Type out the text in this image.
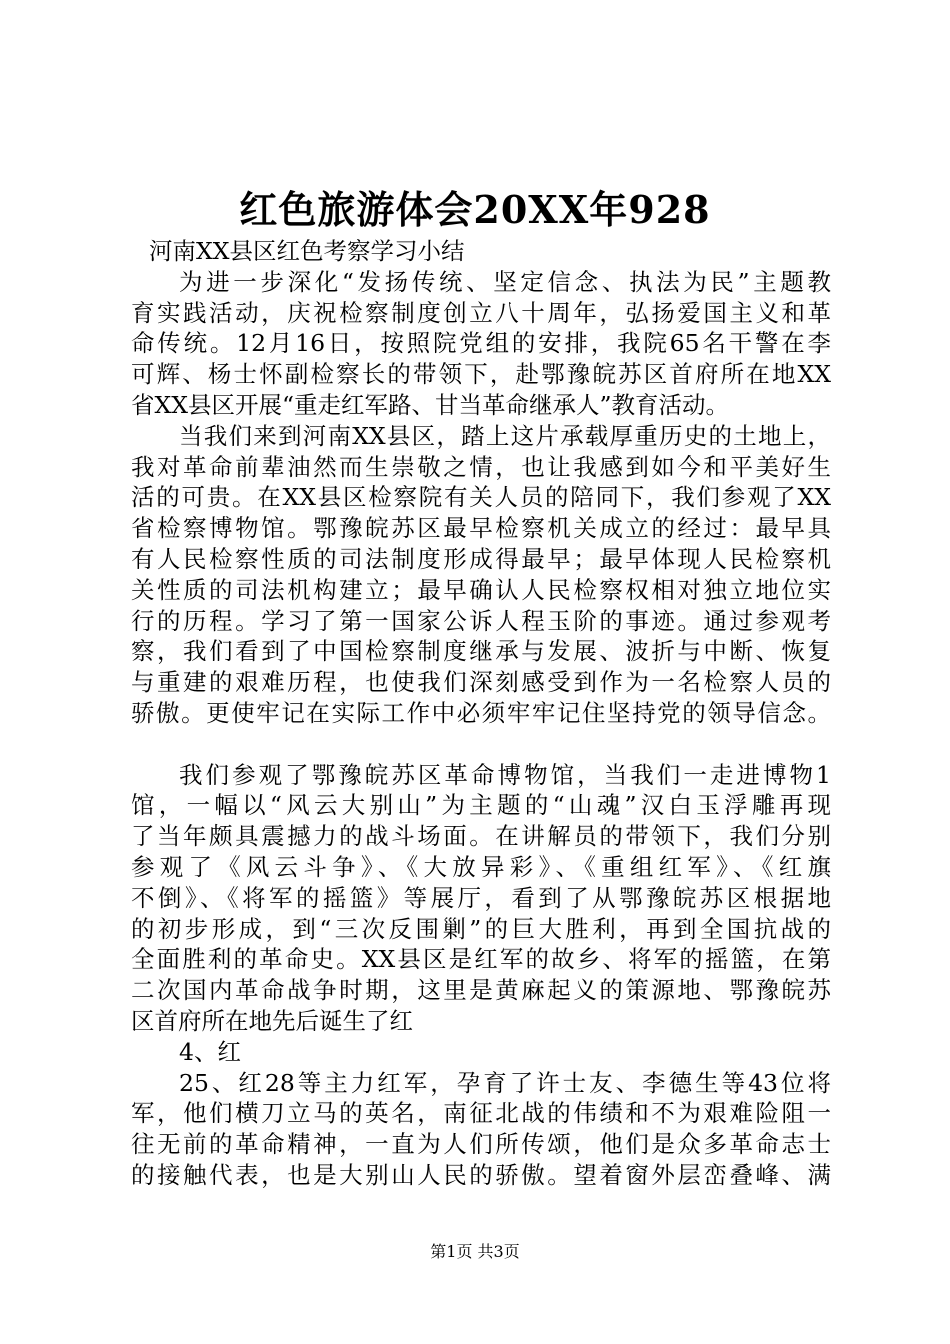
红色旅游体会20XX年928
河南XX县区红色考察学习小结
为进一步深化“发扬传统、坚定信念、执法为民”主题教
育实践活动，庆祝检察制度创立八十周年，弘扬爱国主义和革
命传统。12月16日，按照院党组的安排，我院65名干警在李
可辉、杨士怀副检察长的带领下，赴鄂豫皖苏区首府所在地XX
省XX县区开展“重走红军路、甘当革命继承人”教育活动。
当我们来到河南XX县区，踏上这片承载厚重历史的土地上，
我对革命前辈油然而生崇敬之情，也让我感到如今和平美好生
活的可贵。在XX县区检察院有关人员的陪同下，我们参观了XX
省检察博物馆。鄂豫皖苏区最早检察机关成立的经过：最早具
有人民检察性质的司法制度形成得最早；最早体现人民检察机
关性质的司法机构建立；最早确认人民检察权相对独立地位实
行的历程。学习了第一国家公诉人程玉阶的事迹。通过参观考
察，我们看到了中国检察制度继承与发展、波折与中断、恢复
与重建的艰难历程，也使我们深刻感受到作为一名检察人员的
骄傲。更使牢记在实际工作中必须牢牢记住坚持党的领导信念。
我们参观了鄂豫皖苏区革命博物馆，当我们一走进博物1
馆，一幅以“风云大别山”为主题的“山魂”汉白玉浮雕再现
了当年颇具震撼力的战斗场面。在讲解员的带领下，我们分别
参观了《风云斗争》、《大放异彩》、《重组红军》、《红旗
不倒》、《将军的摇篮》等展厅，看到了从鄂豫皖苏区根据地
的初步形成，到“三次反围剿”的巨大胜利，再到全国抗战的
全面胜利的革命史。XX县区是红军的故乡、将军的摇篮，在第
二次国内革命战争时期，这里是黄麻起义的策源地、鄂豫皖苏
区首府所在地先后诞生了红
4、红
25、红28等主力红军，孕育了许士友、李德生等43位将
军，他们横刀立马的英名，南征北战的伟绩和不为艰难险阻一
往无前的革命精神，一直为人们所传颂，他们是众多革命志士
的接触代表，也是大别山人民的骄傲。望着窗外层峦叠峰、满
第1页 共3页
